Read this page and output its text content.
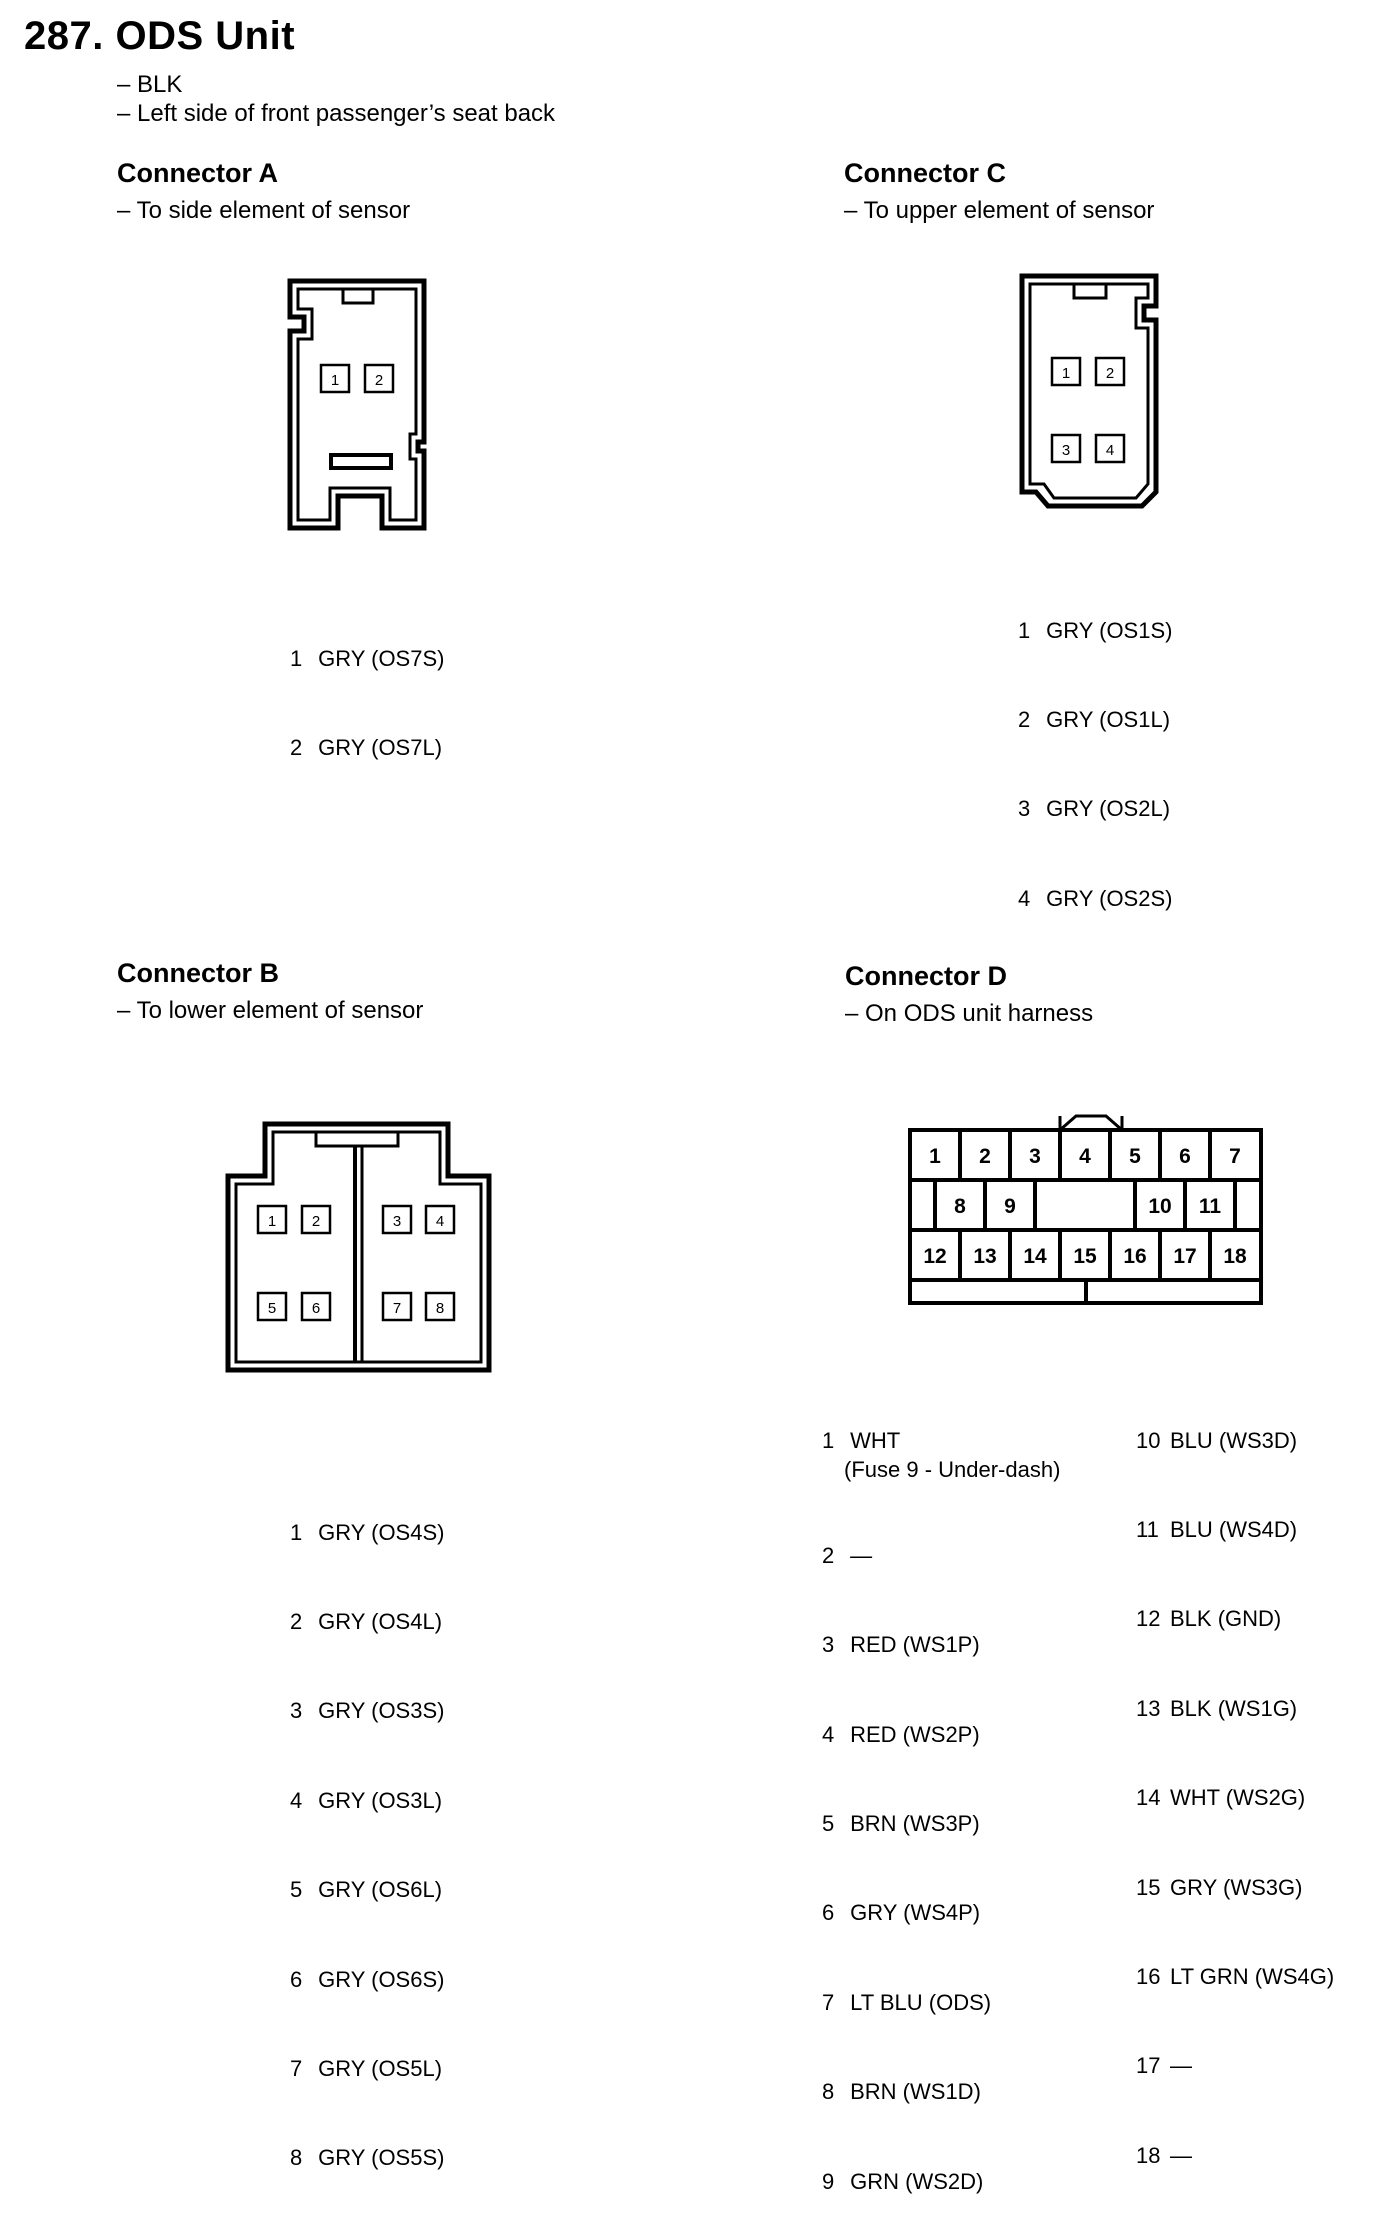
287. ODS Unit
– BLK
– Left side of front passenger’s seat back
Connector A
– To side element of sensor
1 2

1 GRY (OS7S)

2 GRY (OS7L)

Connector C
– To upper element of sensor
1 2
3 4

1 GRY (OS1S)

2 GRY (OS1L)

3 GRY (OS2L)

4 GRY (OS2S)

Connector B
– To lower element of sensor
1 2	3 4
5 6	7 8

1 GRY (OS4S)

2 GRY (OS4L)

3 GRY (OS3S)

4 GRY (OS3L)

5 GRY (OS6L)

6 GRY (OS6S)

7 GRY (OS5L)

8 GRY (OS5S)

Connector D
– On ODS unit harness
1 2 3 4 5 6 7
8 9	10 11
12 13 14 15 16 17 18

1 WHT
(Fuse 9 - Under-dash)

2 —

3 RED (WS1P)

4 RED (WS2P)

5 BRN (WS3P)

6 GRY (WS4P)

7 LT BLU (ODS)

8 BRN (WS1D)

9 GRN (WS2D)

10 BLU (WS3D)

11 BLU (WS4D)

12 BLK (GND)

13 BLK (WS1G)

14 WHT (WS2G)

15 GRY (WS3G)

16 LT GRN (WS4G)

17 —

18 —
